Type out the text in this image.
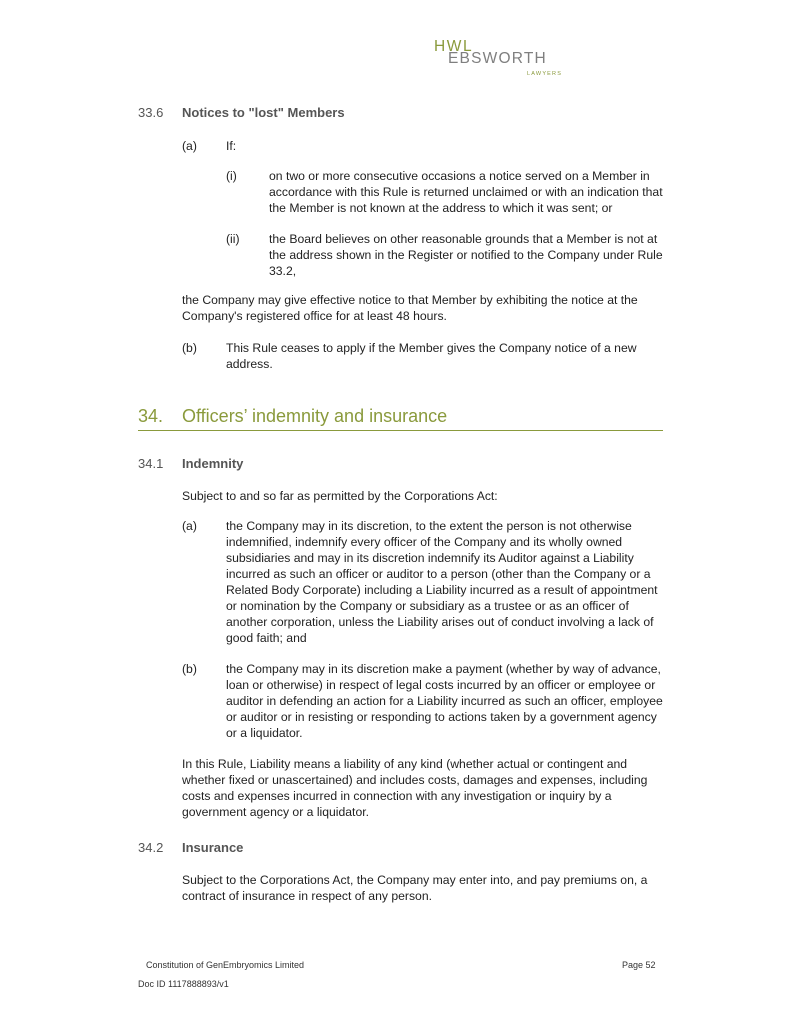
HWL
EBSWORTH
LAWYERS
33.6 Notices to "lost" Members
(a) If:
(i)	on two or more consecutive occasions a notice served on a Member in accordance with this Rule is returned unclaimed or with an indication that the Member is not known at the address to which it was sent; or

(ii) the Board believes on other reasonable grounds that a Member is not at the address shown in the Register or notified to the Company under Rule 33.2,

the Company may give effective notice to that Member by exhibiting the notice at the Company's registered office for at least 48 hours.

(b) This Rule ceases to apply if the Member gives the Company notice of a new address.

34. Officers’ indemnity and insurance
34.1 Indemnity

Subject to and so far as permitted by the Corporations Act:

(a) the Company may in its discretion, to the extent the person is not otherwise indemnified, indemnify every officer of the Company and its wholly owned subsidiaries and may in its discretion indemnify its Auditor against a Liability incurred as such an officer or auditor to a person (other than the Company or a Related Body Corporate) including a Liability incurred as a result of appointment or nomination by the Company or subsidiary as a trustee or as an officer of another corporation, unless the Liability arises out of conduct involving a lack of good faith; and

(b) the Company may in its discretion make a payment (whether by way of advance, loan or otherwise) in respect of legal costs incurred by an officer or employee or auditor in defending an action for a Liability incurred as such an officer, employee or auditor or in resisting or responding to actions taken by a government agency or a liquidator.

In this Rule, Liability means a liability of any kind (whether actual or contingent and whether fixed or unascertained) and includes costs, damages and expenses, including costs and expenses incurred in connection with any investigation or inquiry by a government agency or a liquidator.

34.2 Insurance

Subject to the Corporations Act, the Company may enter into, and pay premiums on, a contract of insurance in respect of any person.

Constitution of GenEmbryomics Limited	Page 52
Doc ID 1117888893/v1
